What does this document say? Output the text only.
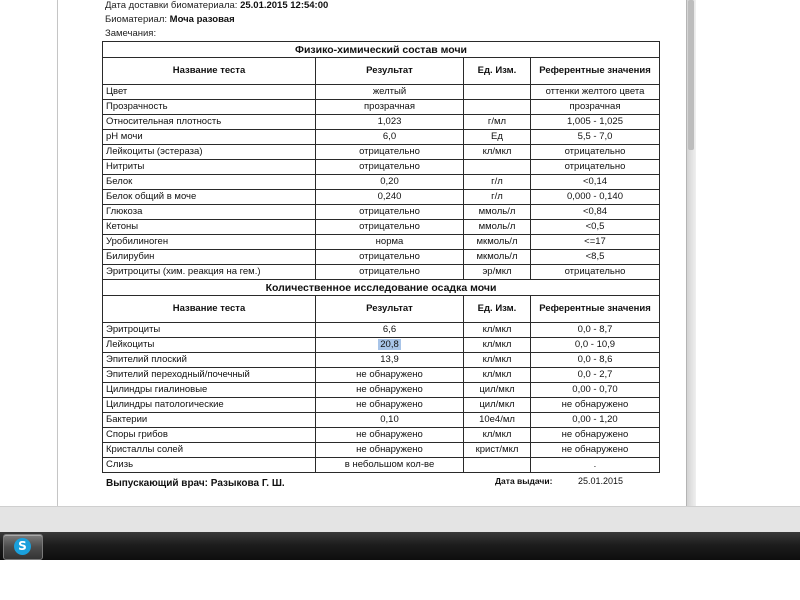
Дата доставки биоматериала: 25.01.2015 12:54:00
Биоматериал: Моча разовая
Замечания:
Физико-химический состав мочи			
Название теста	Результат	Ед. Изм.	Референтные значения
Цвет	желтый		оттенки желтого цвета
Прозрачность	прозрачная		прозрачная
Относительная плотность	1,023	г/мл	1,005 - 1,025
pH мочи	6,0	Ед	5,5 - 7,0
Лейкоциты (эстераза)	отрицательно	кл/мкл	отрицательно
Нитриты	отрицательно		отрицательно
Белок	0,20	г/л	<0,14
Белок общий в моче	0,240	г/л	0,000 - 0,140
Глюкоза	отрицательно	ммоль/л	<0,84
Кетоны	отрицательно	ммоль/л	<0,5
Уробилиноген	норма	мкмоль/л	<=17
Билирубин	отрицательно	мкмоль/л	<8,5
Эритроциты (хим. реакция на гем.)	отрицательно	эр/мкл	отрицательно
Количественное исследование осадка мочи			
Название теста	Результат	Ед. Изм.	Референтные значения
Эритроциты	6,6	кл/мкл	0,0 - 8,7
Лейкоциты	20,8	кл/мкл	0,0 - 10,9
Эпителий плоский	13,9	кл/мкл	0,0 - 8,6
Эпителий переходный/почечный	не обнаружено	кл/мкл	0,0 - 2,7
Цилиндры гиалиновые	не обнаружено	цил/мкл	0,00 - 0,70
Цилиндры патологические	не обнаружено	цил/мкл	не обнаружено
Бактерии	0,10	10е4/мл	0,00 - 1,20
Споры грибов	не обнаружено	кл/мкл	не обнаружено
Кристаллы солей	не обнаружено	крист/мкл	не обнаружено
Слизь	в небольшом кол-ве		.
Выпускающий врач: Разыкова Г. Ш.	Дата выдачи:	25.01.2015
S
